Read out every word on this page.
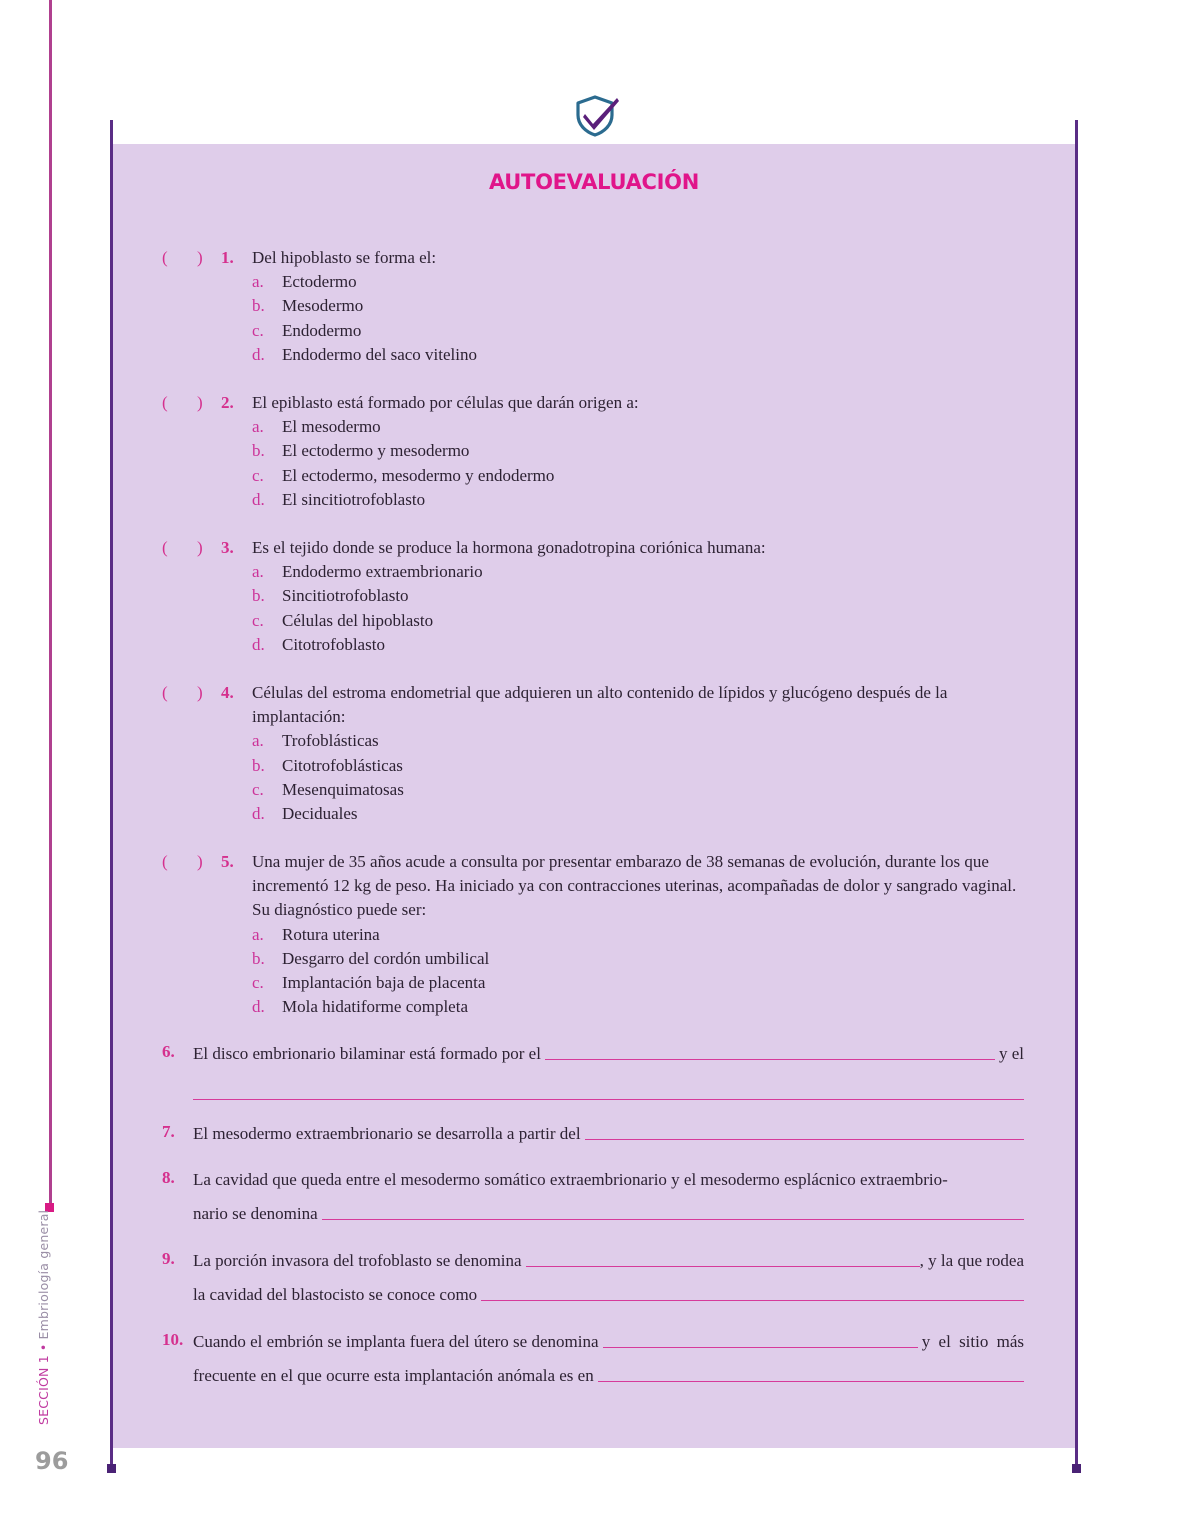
SECCIÓN 1•Embriología general
96
AUTOEVALUACIÓN
( ) 1. Del hipoblasto se forma el:
a.	Ectodermo
b.	Mesodermo
c.	Endodermo
d.	Endodermo del saco vitelino
( ) 2. El epiblasto está formado por células que darán origen a:
a.	El mesodermo
b.	El ectodermo y mesodermo
c.	El ectodermo, mesodermo y endodermo
d.	El sincitiotrofoblasto
( ) 3. Es el tejido donde se produce la hormona gonadotropina coriónica humana:
a.	Endodermo extraembrionario
b.	Sincitiotrofoblasto
c.	Células del hipoblasto
d.	Citotrofoblasto
( ) 4. Células del estroma endometrial que adquieren un alto contenido de lípidos y glucógeno después de la implantación:
a.	Trofoblásticas
b.	Citotrofoblásticas
c.	Mesenquimatosas
d.	Deciduales
( ) 5. Una mujer de 35 años acude a consulta por presentar embarazo de 38 semanas de evolución, durante los que incrementó 12 kg de peso. Ha iniciado ya con contracciones uterinas, acompañadas de dolor y sangrado vaginal. Su diagnóstico puede ser:
a.	Rotura uterina
b.	Desgarro del cordón umbilical
c.	Implantación baja de placenta
d.	Mola hidatiforme completa
6. El disco embrionario bilaminar está formado por el	y el
7. El mesodermo extraembrionario se desarrolla a partir del
8. La cavidad que queda entre el mesodermo somático extraembrionario y el mesodermo esplácnico extraembrio-
nario se denomina
9. La porción invasora del trofoblasto se denomina	, y la que rodea
la cavidad del blastocisto se conoce como
10. Cuando el embrión se implanta fuera del útero se denomina	y el sitio más
frecuente en el que ocurre esta implantación anómala es en
